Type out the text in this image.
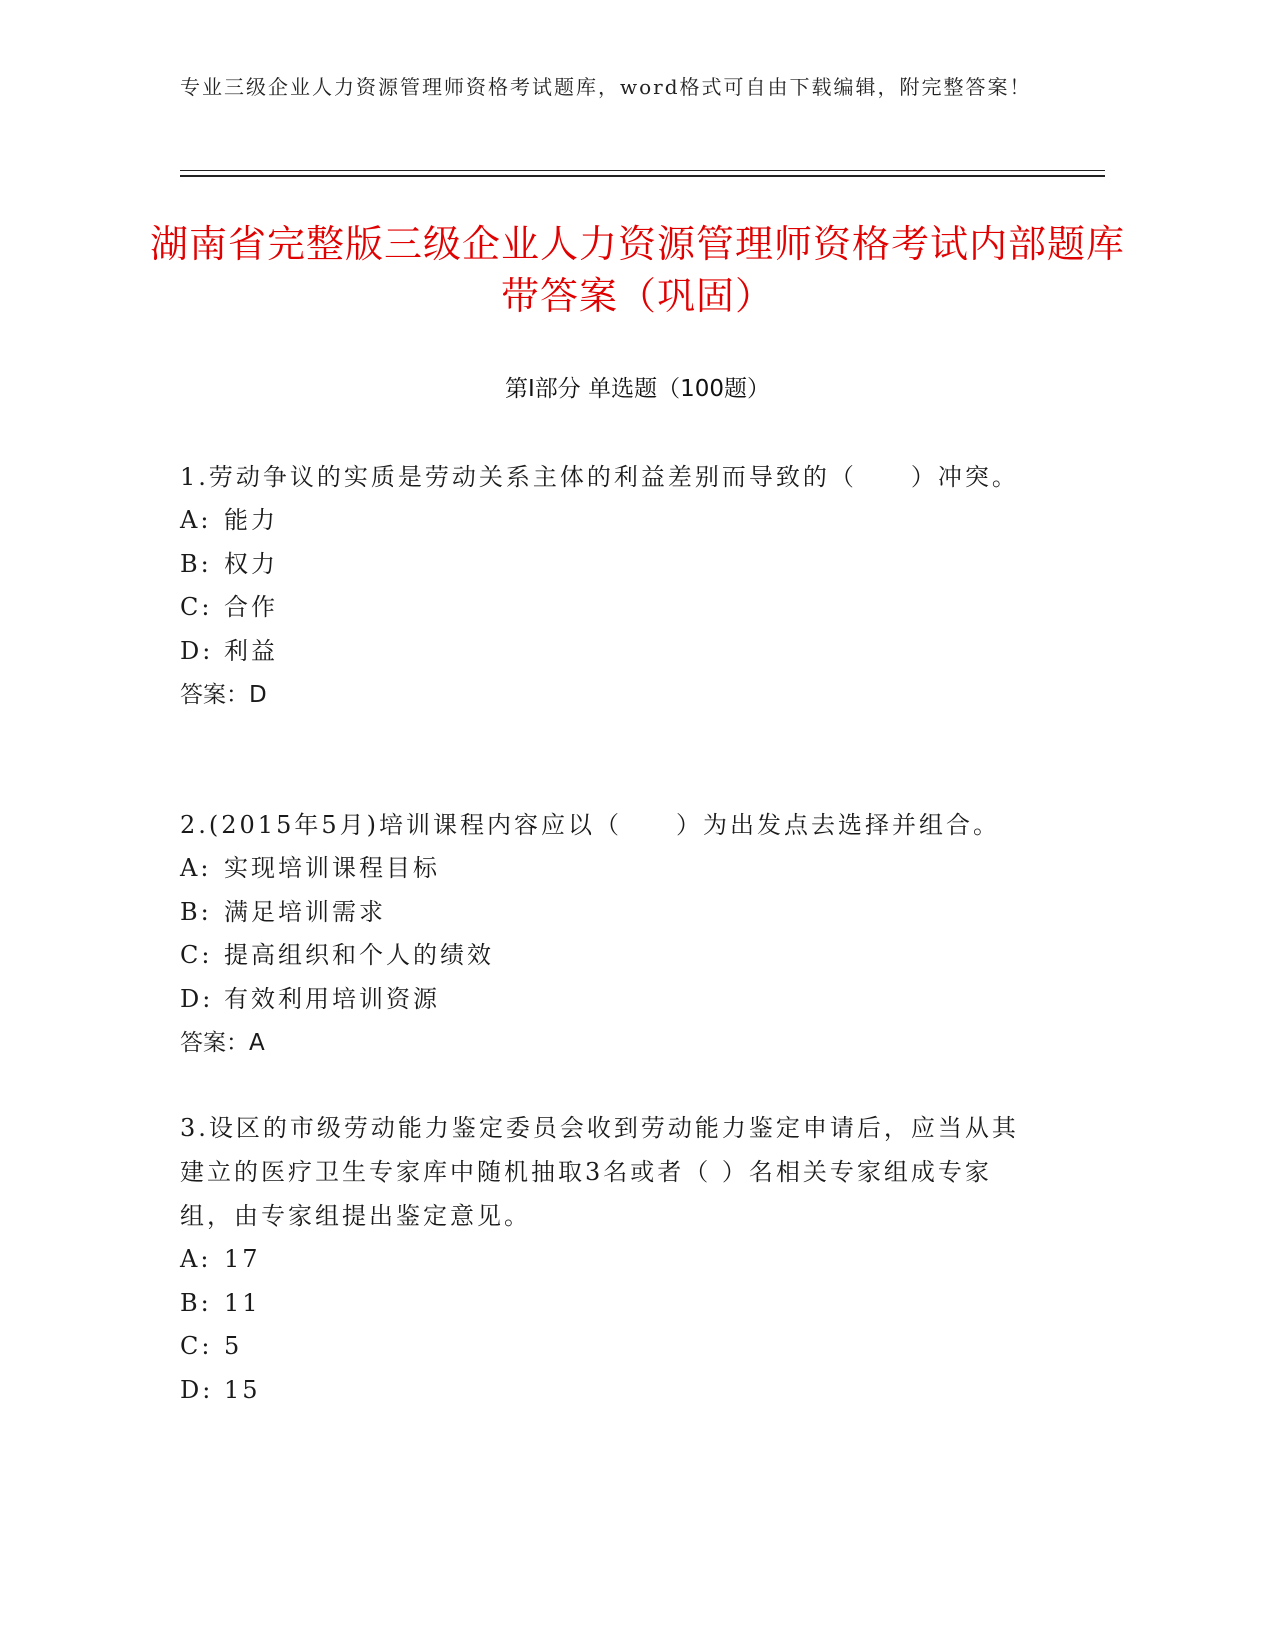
专业三级企业人力资源管理师资格考试题库，word格式可自由下载编辑，附完整答案！
湖南省完整版三级企业人力资源管理师资格考试内部题库带答案（巩固）
第Ⅰ部分 单选题（100题）

1.劳动争议的实质是劳动关系主体的利益差别而导致的（　　）冲突。

A: 能力
B: 权力
C: 合作
D: 利益
答案：D

2.(2015年5月)培训课程内容应以（　　）为出发点去选择并组合。

A: 实现培训课程目标
B: 满足培训需求
C: 提高组织和个人的绩效
D: 有效利用培训资源
答案：A

3.设区的市级劳动能力鉴定委员会收到劳动能力鉴定申请后，应当从其建立的医疗卫生专家库中随机抽取3名或者（ ）名相关专家组成专家组，由专家组提出鉴定意见。

A: 17
B: 11
C: 5
D: 15
